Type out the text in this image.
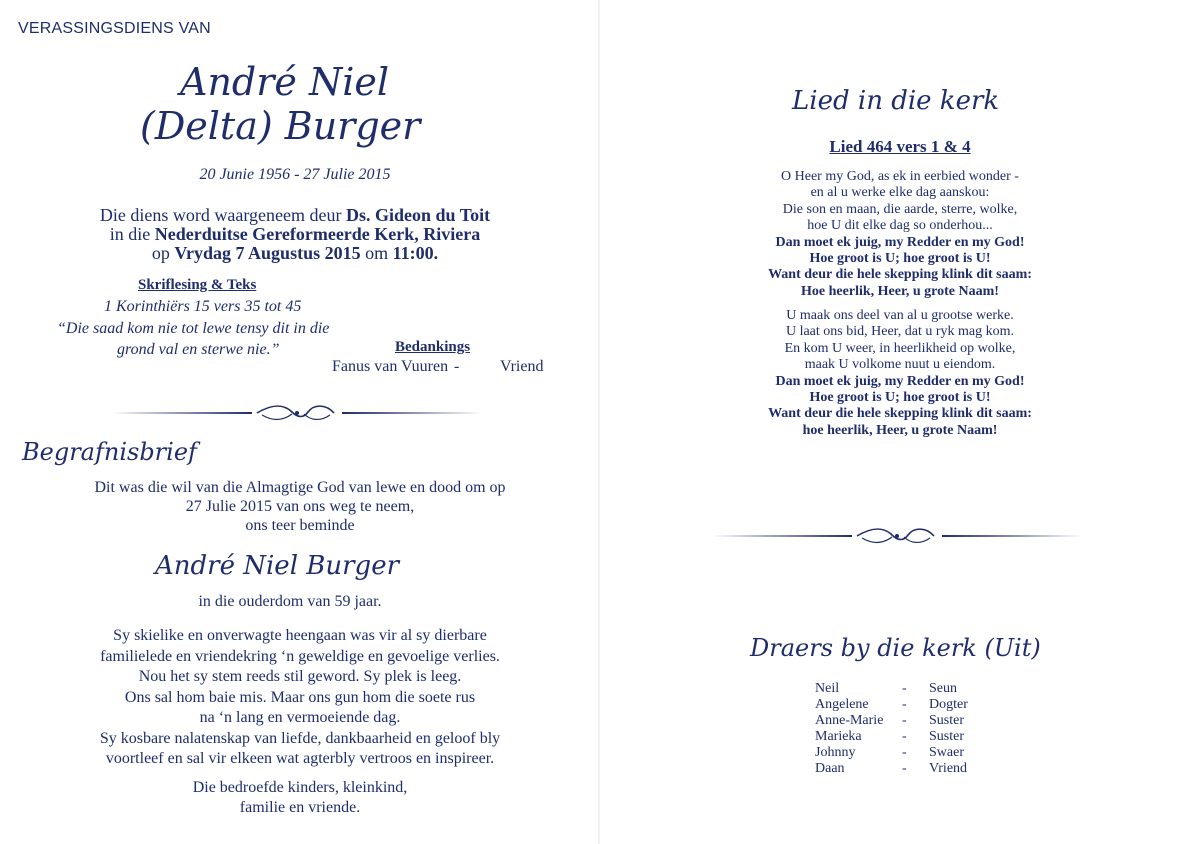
VERASSINGSDIENS VAN
André Niel
(Delta) Burger
20 Junie 1956 - 27 Julie 2015
Die diens word waargeneem deur Ds. Gideon du Toit
in die Nederduitse Gereformeerde Kerk, Riviera
op Vrydag 7 Augustus 2015 om 11:00.
Skriflesing & Teks
1 Korinthiërs 15 vers 35 tot 45
“Die saad kom nie tot lewe tensy dit in die
grond val en sterwe nie.”	Bedankings
Fanus van Vuuren -	Vriend
Begrafnisbrief
Dit was die wil van die Almagtige God van lewe en dood om op
27 Julie 2015 van ons weg te neem,
ons teer beminde
André Niel Burger
in die ouderdom van 59 jaar.
Sy skielike en onverwagte heengaan was vir al sy dierbare
familielede en vriendekring ‘n geweldige en gevoelige verlies.
Nou het sy stem reeds stil geword. Sy plek is leeg.
Ons sal hom baie mis. Maar ons gun hom die soete rus
na ‘n lang en vermoeiende dag.
Sy kosbare nalatenskap van liefde, dankbaarheid en geloof bly
voortleef en sal vir elkeen wat agterbly vertroos en inspireer.
Die bedroefde kinders, kleinkind,
familie en vriende.
Lied in die kerk
Lied 464 vers 1 & 4
O Heer my God, as ek in eerbied wonder -
en al u werke elke dag aanskou:
Die son en maan, die aarde, sterre, wolke,
hoe U dit elke dag so onderhou...
Dan moet ek juig, my Redder en my God!
Hoe groot is U; hoe groot is U!
Want deur die hele skepping klink dit saam:
Hoe heerlik, Heer, u grote Naam!
U maak ons deel van al u grootse werke.
U laat ons bid, Heer, dat u ryk mag kom.
En kom U weer, in heerlikheid op wolke,
maak U volkome nuut u eiendom.
Dan moet ek juig, my Redder en my God!
Hoe groot is U; hoe groot is U!
Want deur die hele skepping klink dit saam:
hoe heerlik, Heer, u grote Naam!
Draers by die kerk (Uit)
Neil	- Seun
Angelene - Dogter
Anne-Marie - Suster
Marieka	- Suster
Johnny	- Swaer
Daan	- Vriend
